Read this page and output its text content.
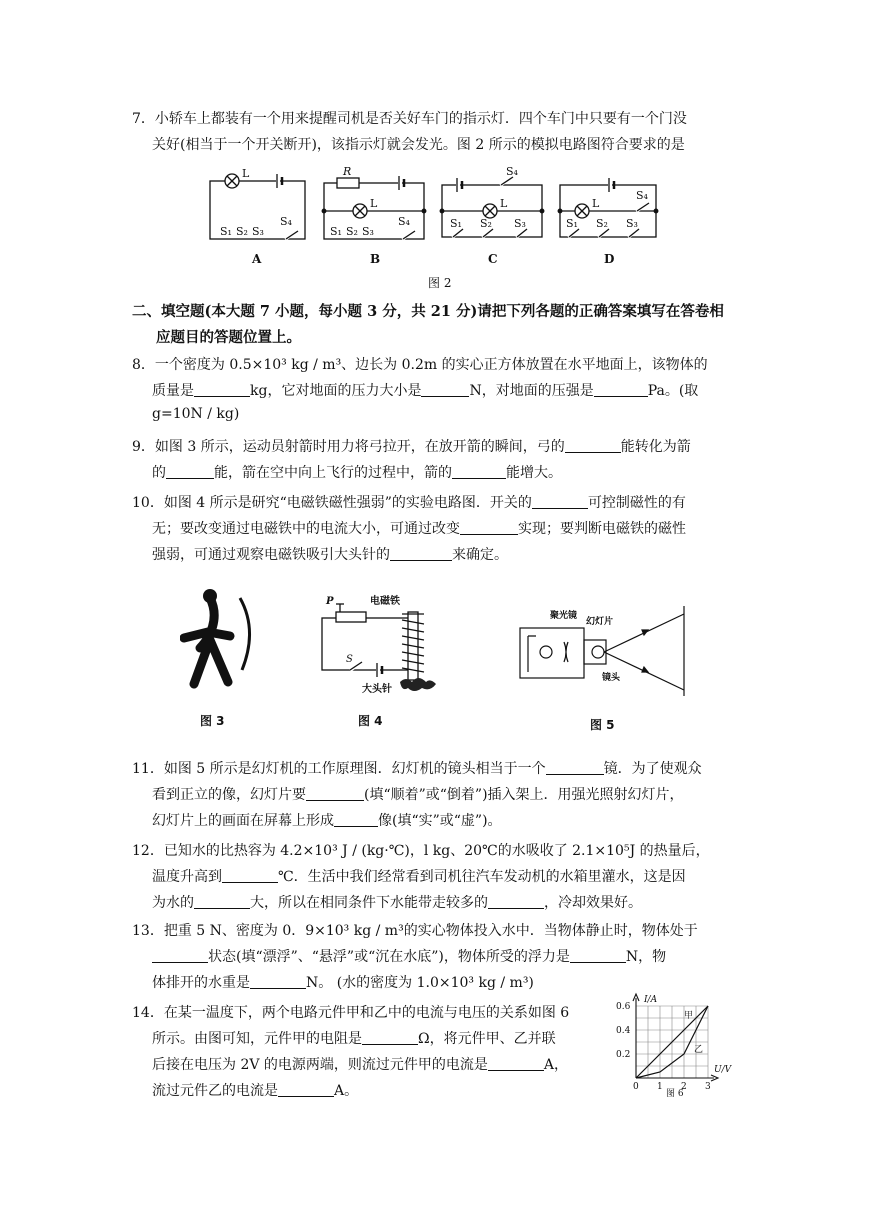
7．小轿车上都装有一个用来提醒司机是否关好车门的指示灯．四个车门中只要有一个门没
关好(相当于一个开关断开)，该指示灯就会发光。图 2 所示的模拟电路图符合要求的是
L
S₁ S₂ S₃
S₄
R
L
S₁ S₂ S₃
S₄
S₄
L
S₁ S₂ S₃
L
S₄
S₁ S₂ S₃
A	B	C	D
图 2
二、填空题(本大题 7 小题，每小题 3 分，共 21 分)请把下列各题的正确答案填写在答卷相
应题目的答题位置上。
8．一个密度为 0.5×10³ kg / m³、边长为 0.2m 的实心正方体放置在水平地面上，该物体的
质量是	kg，它对地面的压力大小是	N，对地面的压强是	Pa。(取
g=10N / kg)
9．如图 3 所示，运动员射箭时用力将弓拉开，在放开箭的瞬间，弓的	能转化为箭
的	能，箭在空中向上飞行的过程中，箭的	能增大。
10．如图 4 所示是研究“电磁铁磁性强弱”的实验电路图．开关的	可控制磁性的有
无；要改变通过电磁铁中的电流大小，可通过改变	实现；要判断电磁铁的磁性
强弱，可通过观察电磁铁吸引大头针的	来确定。
图 3
P	电磁铁
S
大头针
图 4
聚光镜
幻灯片
镜头
图 5
11．如图 5 所示是幻灯机的工作原理图．幻灯机的镜头相当于一个	镜．为了使观众
看到正立的像，幻灯片要	(填“顺着”或“倒着”)插入架上．用强光照射幻灯片，
幻灯片上的画面在屏幕上形成	像(填“实”或“虚”)。
12．已知水的比热容为 4.2×10³ J / (kg·℃)，l kg、20℃的水吸收了 2.1×10⁵J 的热量后，
温度升高到	℃．生活中我们经常看到司机往汽车发动机的水箱里灌水，这是因
为水的	大，所以在相同条件下水能带走较多的	，冷却效果好。
13．把重 5 N、密度为 0．9×10³ kg / m³的实心物体投入水中．当物体静止时，物体处于
状态(填“漂浮”、“悬浮”或“沉在水底”)，物体所受的浮力是	N，物
体排开的水重是	N。 (水的密度为 1.0×10³ kg / m³)
14．在某一温度下，两个电路元件甲和乙中的电流与电压的关系如图 6
所示。由图可知，元件甲的电阻是	Ω，将元件甲、乙并联
后接在电压为 2V 的电源两端，则流过元件甲的电流是	A，
流过元件乙的电流是	A。	0 1 2 3
0.6
0.4
0.2
I/A
U/V
甲
乙
图 6
